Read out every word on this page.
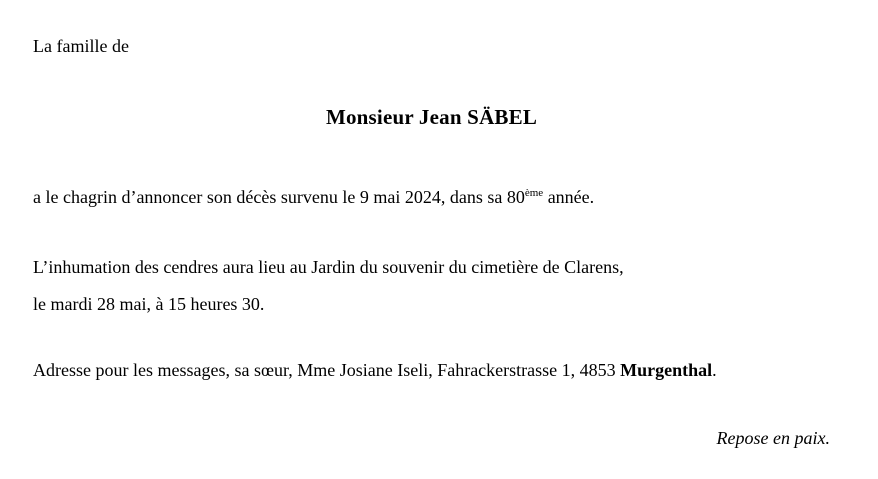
La famille de
Monsieur Jean SÄBEL
a le chagrin d’annoncer son décès survenu le 9 mai 2024, dans sa 80ème année.
L’inhumation des cendres aura lieu au Jardin du souvenir du cimetière de Clarens,
le mardi 28 mai, à 15 heures 30.
Adresse pour les messages, sa sœur, Mme Josiane Iseli, Fahrackerstrasse 1, 4853 Murgenthal.
Repose en paix.
